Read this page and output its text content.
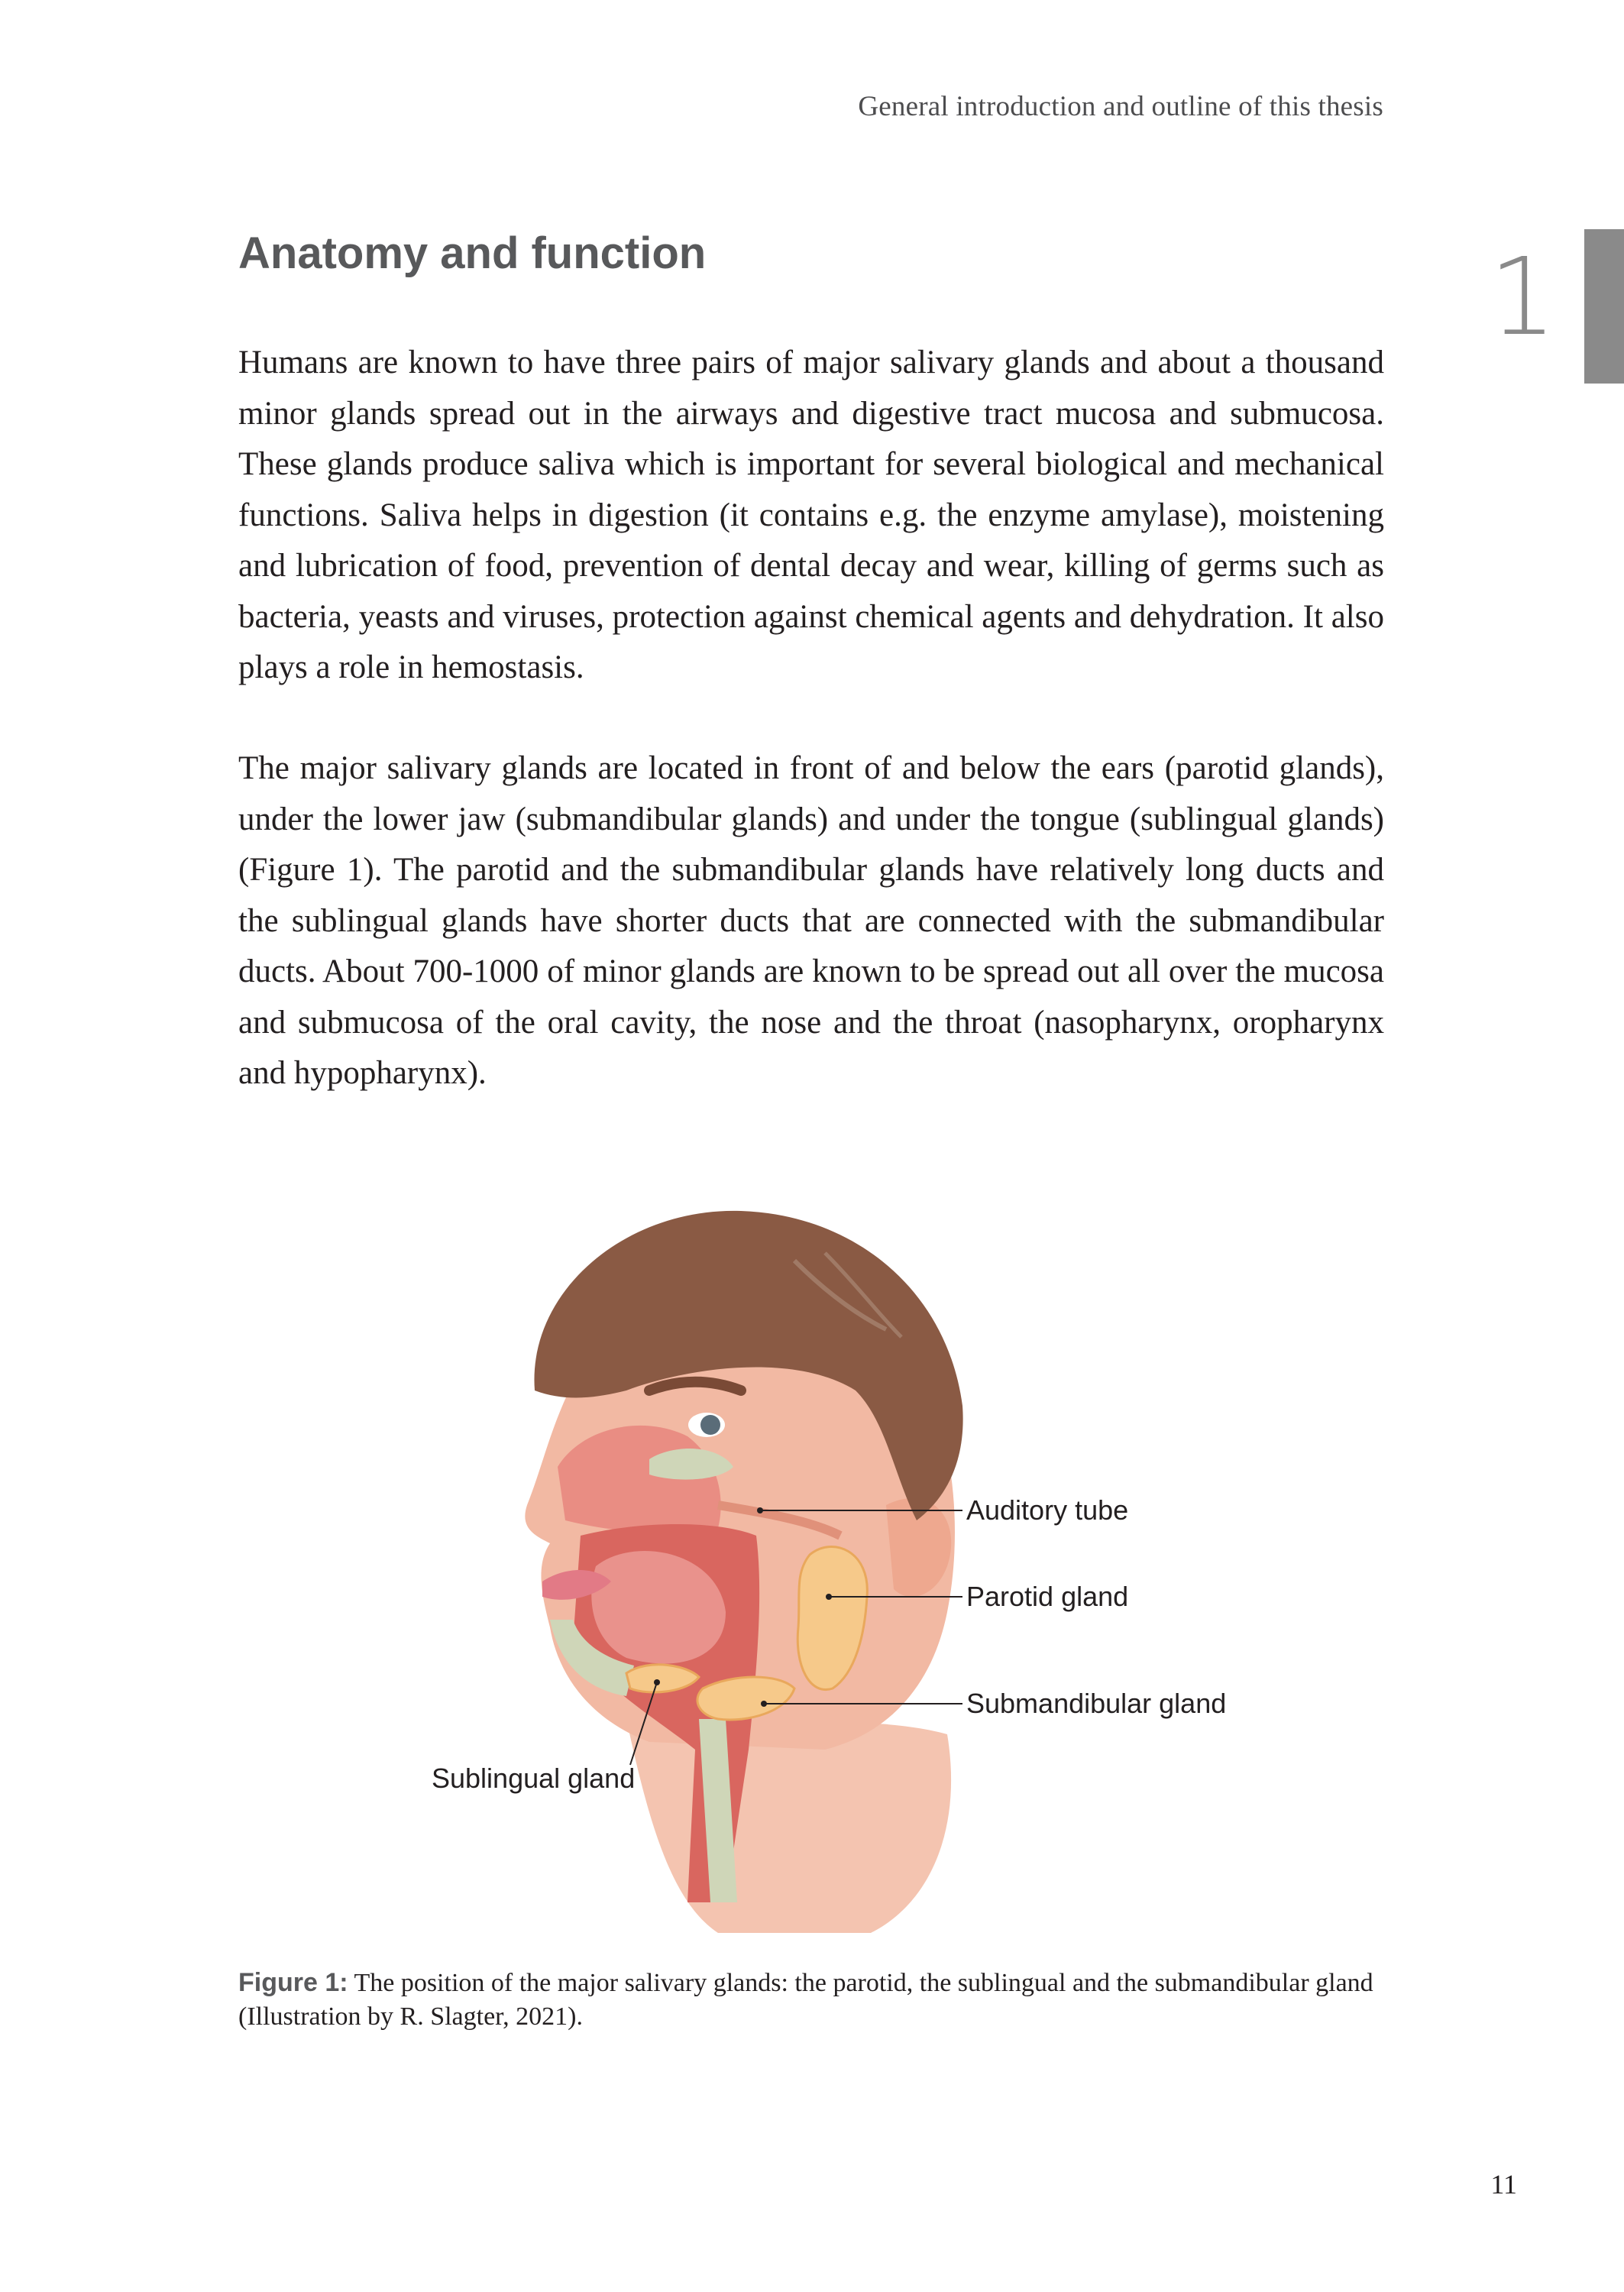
General introduction and outline of this thesis
1
Anatomy and function

Humans are known to have three pairs of major salivary glands and about a thousand minor glands spread out in the airways and digestive tract mucosa and submucosa. These glands produce saliva which is important for several biological and mechanical functions. Saliva helps in digestion (it contains e.g. the enzyme amylase), moistening and lubrication of food, prevention of dental decay and wear, killing of germs such as bacteria, yeasts and viruses, protection against chemical agents and dehydration. It also plays a role in hemostasis.

The major salivary glands are located in front of and below the ears (parotid glands), under the lower jaw (submandibular glands) and under the tongue (sublingual glands) (Figure 1). The parotid and the submandibular glands have relatively long ducts and the sublingual glands have shorter ducts that are connected with the submandibular ducts. About 700-1000 of minor glands are known to be spread out all over the mucosa and submucosa of the oral cavity, the nose and the throat (nasopharynx, oropharynx and hypopharynx).

Auditory tube
Parotid gland
Submandibular gland
Sublingual gland

Figure 1: The position of the major salivary glands: the parotid, the sublingual and the submandibular gland (Illustration by R. Slagter, 2021).

11
